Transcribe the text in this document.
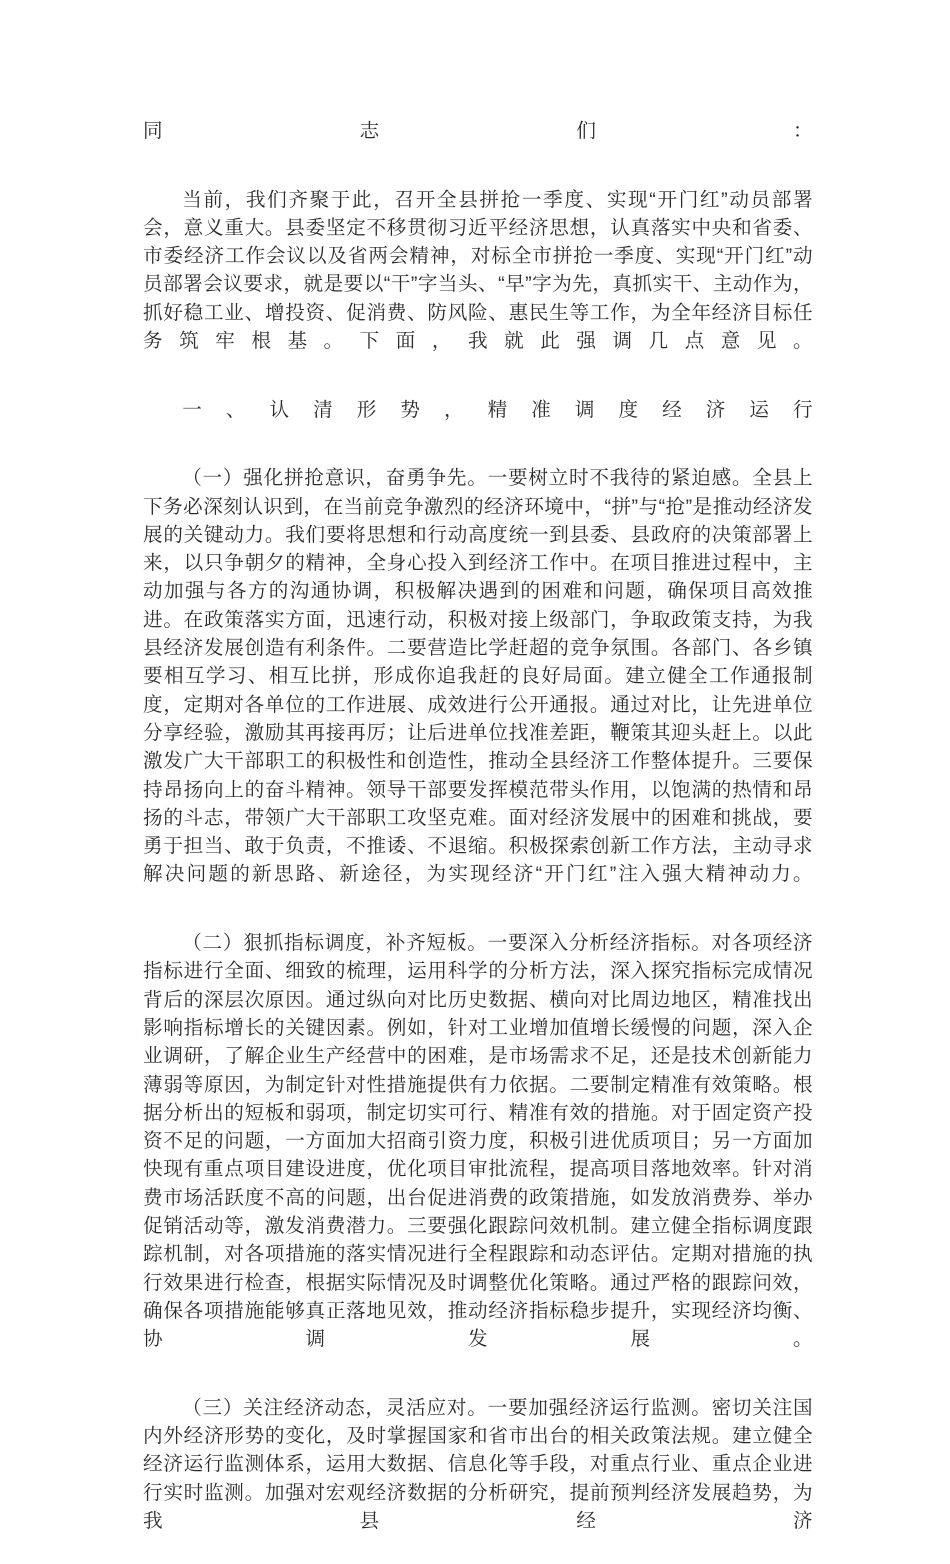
同志们：

当前，我们齐聚于此，召开全县拼抢一季度、实现“开门红”动员部署会，意义重大。县委坚定不移贯彻习近平经济思想，认真落实中央和省委、市委经济工作会议以及省两会精神，对标全市拼抢一季度、实现“开门红”动员部署会议要求，就是要以“干”字当头、“早”字为先，真抓实干、主动作为，抓好稳工业、增投资、促消费、防风险、惠民生等工作，为全年经济目标任务筑牢根基。下面，我就此强调几点意见。

一、认清形势，精准调度经济运行

（一）强化拼抢意识，奋勇争先。一要树立时不我待的紧迫感。全县上下务必深刻认识到，在当前竞争激烈的经济环境中，“拼”与“抢”是推动经济发展的关键动力。我们要将思想和行动高度统一到县委、县政府的决策部署上来，以只争朝夕的精神，全身心投入到经济工作中。在项目推进过程中，主动加强与各方的沟通协调，积极解决遇到的困难和问题，确保项目高效推进。在政策落实方面，迅速行动，积极对接上级部门，争取政策支持，为我县经济发展创造有利条件。二要营造比学赶超的竞争氛围。各部门、各乡镇要相互学习、相互比拼，形成你追我赶的良好局面。建立健全工作通报制度，定期对各单位的工作进展、成效进行公开通报。通过对比，让先进单位分享经验，激励其再接再厉；让后进单位找准差距，鞭策其迎头赶上。以此激发广大干部职工的积极性和创造性，推动全县经济工作整体提升。三要保持昂扬向上的奋斗精神。领导干部要发挥模范带头作用，以饱满的热情和昂扬的斗志，带领广大干部职工攻坚克难。面对经济发展中的困难和挑战，要勇于担当、敢于负责，不推诿、不退缩。积极探索创新工作方法，主动寻求解决问题的新思路、新途径，为实现经济“开门红”注入强大精神动力。

（二）狠抓指标调度，补齐短板。一要深入分析经济指标。对各项经济指标进行全面、细致的梳理，运用科学的分析方法，深入探究指标完成情况背后的深层次原因。通过纵向对比历史数据、横向对比周边地区，精准找出影响指标增长的关键因素。例如，针对工业增加值增长缓慢的问题，深入企业调研，了解企业生产经营中的困难，是市场需求不足，还是技术创新能力薄弱等原因，为制定针对性措施提供有力依据。二要制定精准有效策略。根据分析出的短板和弱项，制定切实可行、精准有效的措施。对于固定资产投资不足的问题，一方面加大招商引资力度，积极引进优质项目；另一方面加快现有重点项目建设进度，优化项目审批流程，提高项目落地效率。针对消费市场活跃度不高的问题，出台促进消费的政策措施，如发放消费券、举办促销活动等，激发消费潜力。三要强化跟踪问效机制。建立健全指标调度跟踪机制，对各项措施的落实情况进行全程跟踪和动态评估。定期对措施的执行效果进行检查，根据实际情况及时调整优化策略。通过严格的跟踪问效，确保各项措施能够真正落地见效，推动经济指标稳步提升，实现经济均衡、协调发展。

（三）关注经济动态，灵活应对。一要加强经济运行监测。密切关注国内外经济形势的变化，及时掌握国家和省市出台的相关政策法规。建立健全经济运行监测体系，运用大数据、信息化等手段，对重点行业、重点企业进行实时监测。加强对宏观经济数据的分析研究，提前预判经济发展趋势，为我县经济
